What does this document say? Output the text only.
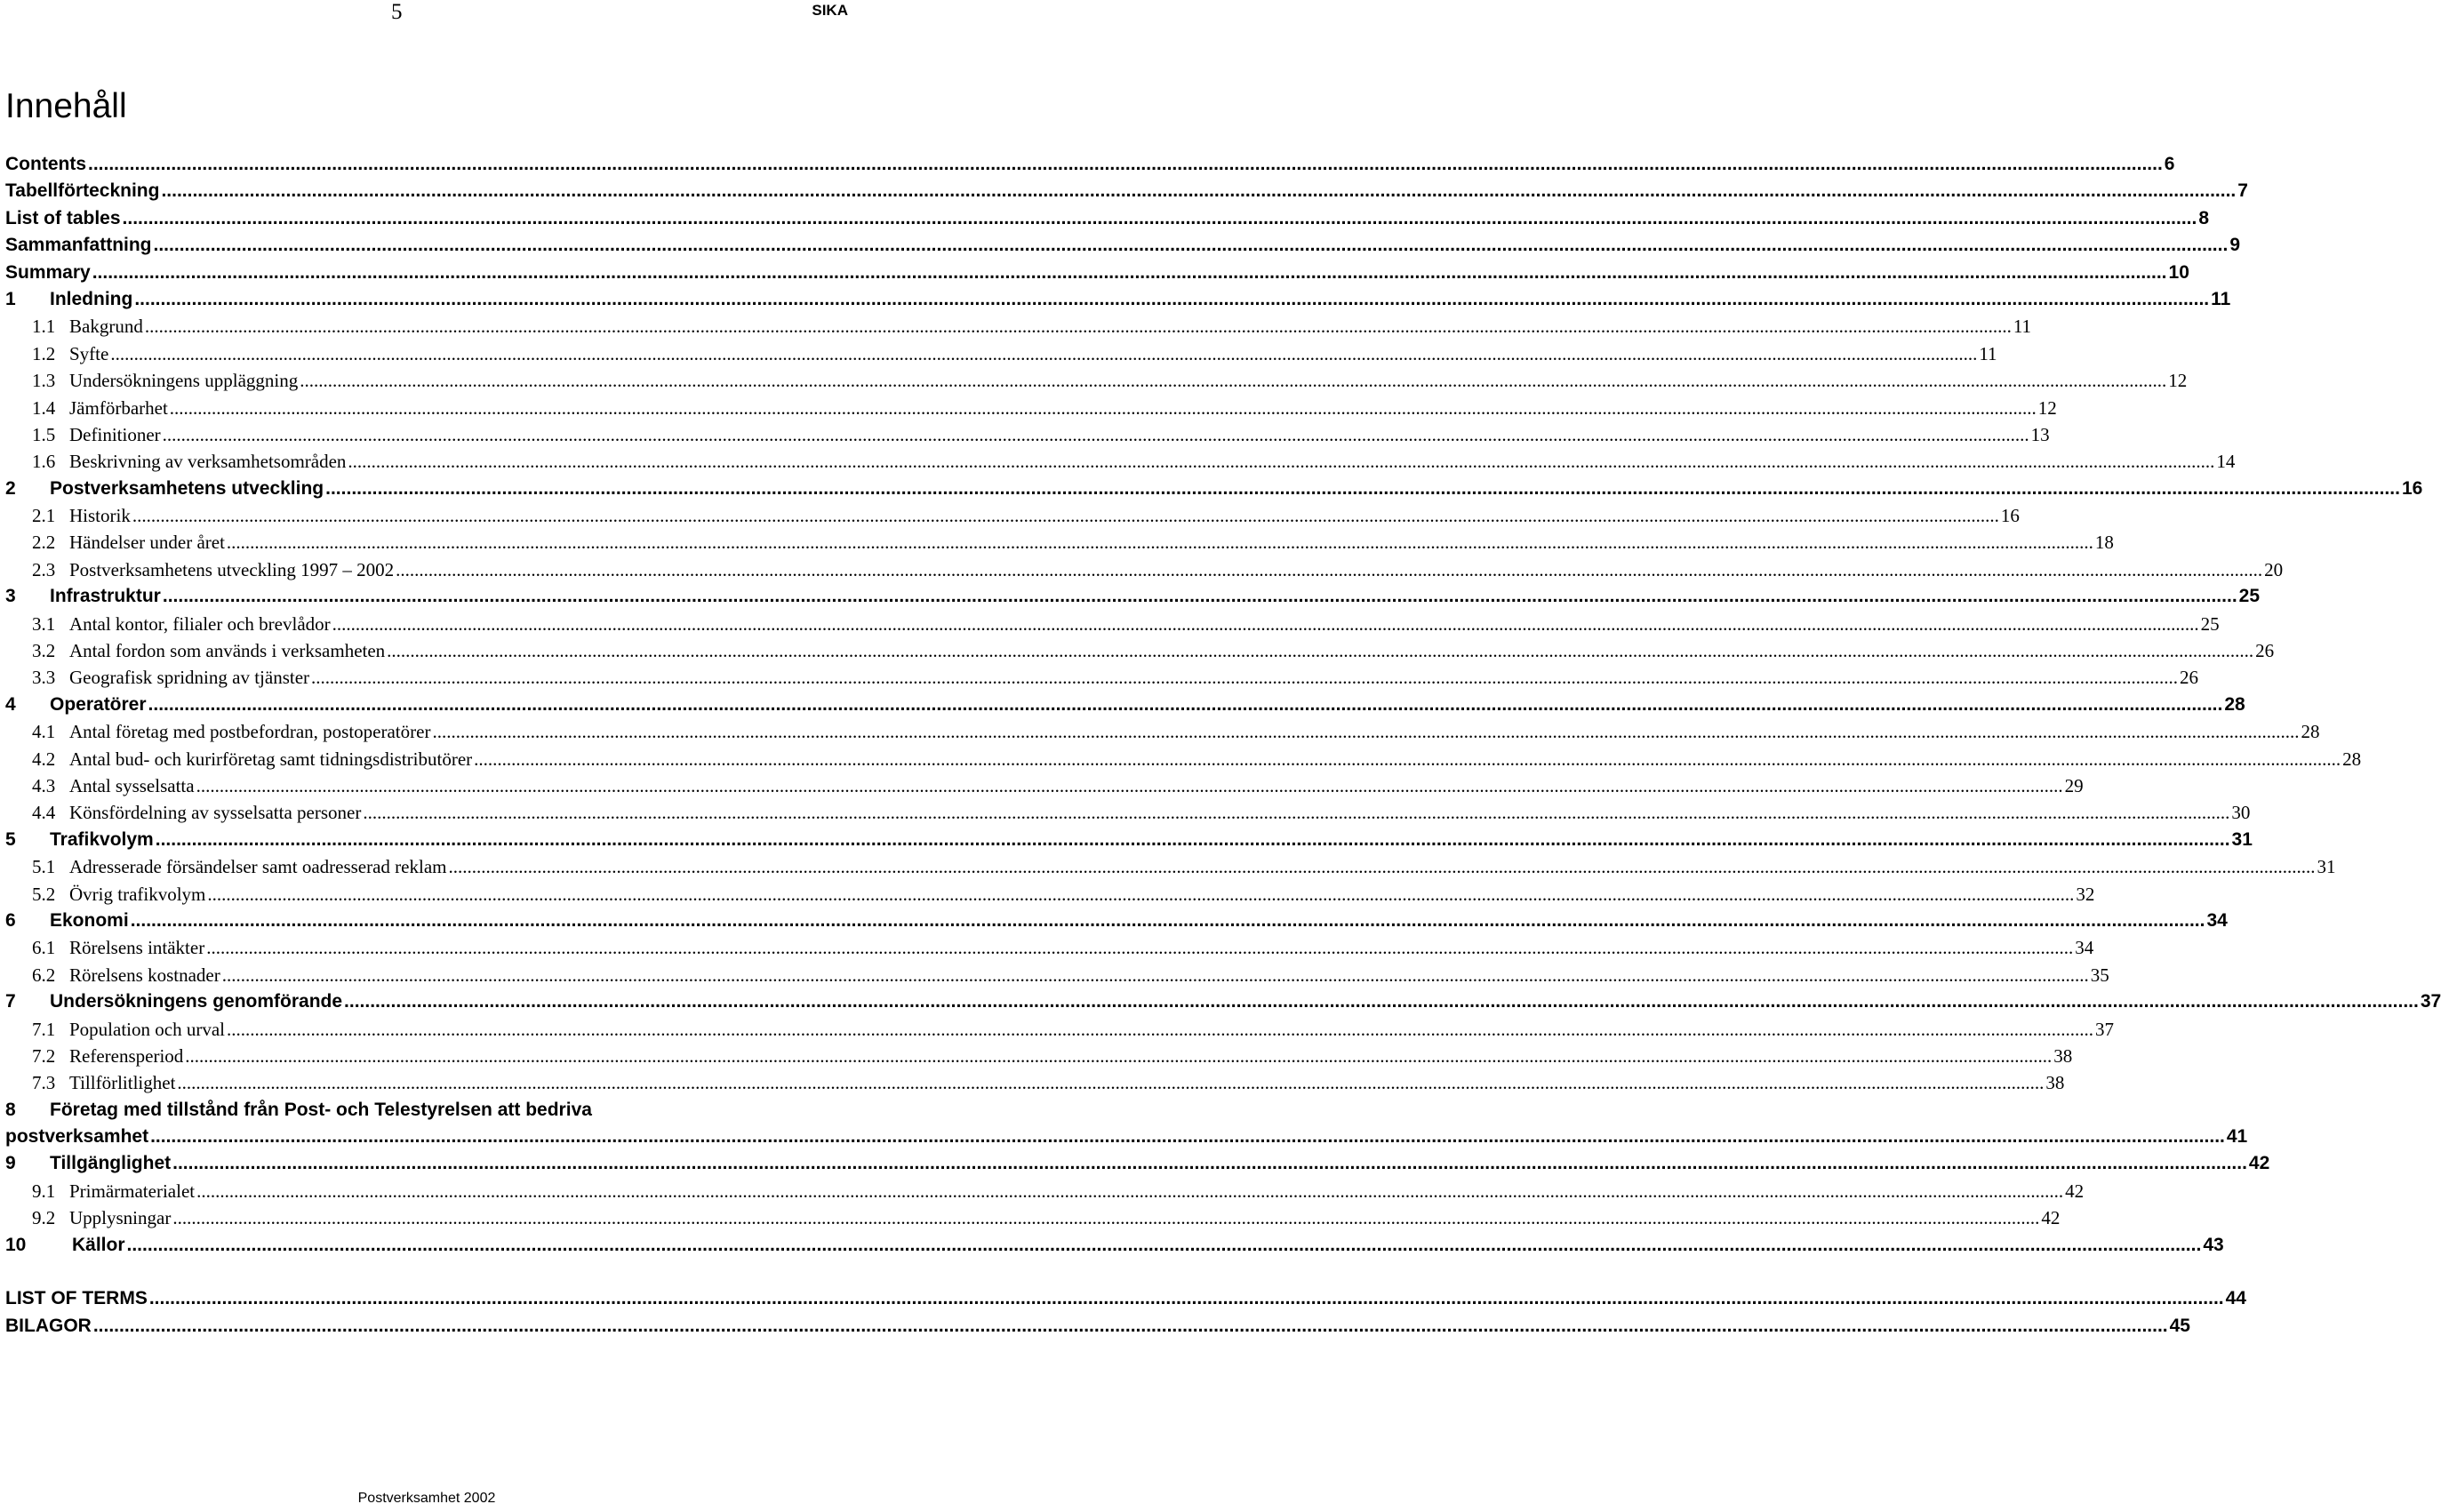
5	SIKA
Innehåll
Contents ................................................................................................................................................................................................................................................................................................................................................................................................................ 6
Tabellförteckning ................................................................................................................................................................................................................................................................................................................................................................................................................ 7
List of tables ................................................................................................................................................................................................................................................................................................................................................................................................................ 8
Sammanfattning ................................................................................................................................................................................................................................................................................................................................................................................................................ 9
Summary ................................................................................................................................................................................................................................................................................................................................................................................................................ 10
1	Inledning ................................................................................................................................................................................................................................................................................................................................................................................................................ 11
1.1 Bakgrund ................................................................................................................................................................................................................................................................................................................................................................................................................ 11
1.2 Syfte ................................................................................................................................................................................................................................................................................................................................................................................................................ 11
1.3 Undersökningens uppläggning ................................................................................................................................................................................................................................................................................................................................................................................................................ 12
1.4 Jämförbarhet ................................................................................................................................................................................................................................................................................................................................................................................................................ 12
1.5 Definitioner ................................................................................................................................................................................................................................................................................................................................................................................................................ 13
1.6 Beskrivning av verksamhetsområden ................................................................................................................................................................................................................................................................................................................................................................................................................ 14
2	Postverksamhetens utveckling ................................................................................................................................................................................................................................................................................................................................................................................................................ 16
2.1 Historik ................................................................................................................................................................................................................................................................................................................................................................................................................ 16
2.2 Händelser under året ................................................................................................................................................................................................................................................................................................................................................................................................................ 18
2.3 Postverksamhetens utveckling 1997 – 2002 ................................................................................................................................................................................................................................................................................................................................................................................................................ 20
3	Infrastruktur ................................................................................................................................................................................................................................................................................................................................................................................................................ 25
3.1 Antal kontor, filialer och brevlådor ................................................................................................................................................................................................................................................................................................................................................................................................................ 25
3.2 Antal fordon som används i verksamheten ................................................................................................................................................................................................................................................................................................................................................................................................................ 26
3.3 Geografisk spridning av tjänster ................................................................................................................................................................................................................................................................................................................................................................................................................ 26
4	Operatörer ................................................................................................................................................................................................................................................................................................................................................................................................................ 28
4.1 Antal företag med postbefordran, postoperatörer ................................................................................................................................................................................................................................................................................................................................................................................................................ 28
4.2 Antal bud- och kurirföretag samt tidningsdistributörer ................................................................................................................................................................................................................................................................................................................................................................................................................ 28
4.3 Antal sysselsatta ................................................................................................................................................................................................................................................................................................................................................................................................................ 29
4.4 Könsfördelning av sysselsatta personer ................................................................................................................................................................................................................................................................................................................................................................................................................ 30
5	Trafikvolym ................................................................................................................................................................................................................................................................................................................................................................................................................ 31
5.1 Adresserade försändelser samt oadresserad reklam ................................................................................................................................................................................................................................................................................................................................................................................................................ 31
5.2 Övrig trafikvolym ................................................................................................................................................................................................................................................................................................................................................................................................................ 32
6	Ekonomi ................................................................................................................................................................................................................................................................................................................................................................................................................ 34
6.1 Rörelsens intäkter ................................................................................................................................................................................................................................................................................................................................................................................................................ 34
6.2 Rörelsens kostnader ................................................................................................................................................................................................................................................................................................................................................................................................................ 35
7	Undersökningens genomförande ................................................................................................................................................................................................................................................................................................................................................................................................................ 37
7.1 Population och urval ................................................................................................................................................................................................................................................................................................................................................................................................................ 37
7.2 Referensperiod ................................................................................................................................................................................................................................................................................................................................................................................................................ 38
7.3 Tillförlitlighet ................................................................................................................................................................................................................................................................................................................................................................................................................ 38
8	Företag med tillstånd från Post- och Telestyrelsen att bedriva
postverksamhet ................................................................................................................................................................................................................................................................................................................................................................................................................ 41
9	Tillgänglighet ................................................................................................................................................................................................................................................................................................................................................................................................................ 42
9.1 Primärmaterialet ................................................................................................................................................................................................................................................................................................................................................................................................................ 42
9.2 Upplysningar ................................................................................................................................................................................................................................................................................................................................................................................................................ 42
10	Källor ................................................................................................................................................................................................................................................................................................................................................................................................................ 43
LIST OF TERMS ................................................................................................................................................................................................................................................................................................................................................................................................................ 44
BILAGOR ................................................................................................................................................................................................................................................................................................................................................................................................................ 45
Postverksamhet 2002
